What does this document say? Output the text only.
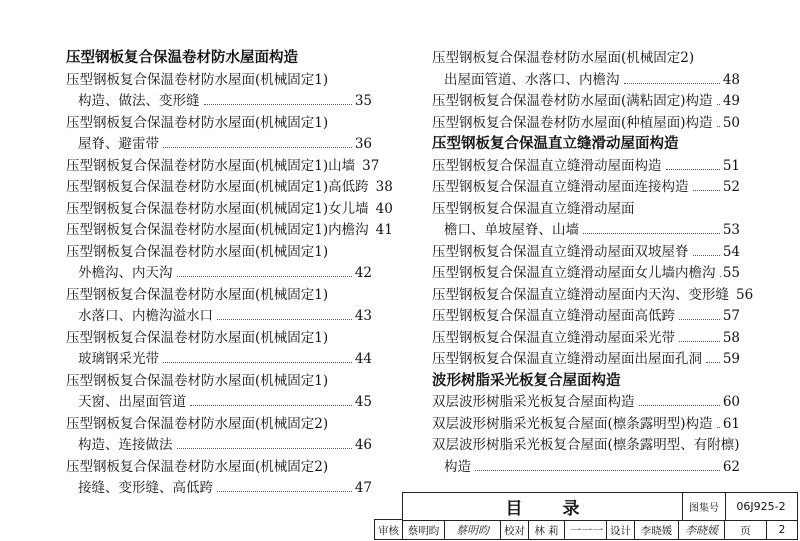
压型钢板复合保温卷材防水屋面构造
压型钢板复合保温卷材防水屋面(机械固定1)
构造、做法、变形缝	35
压型钢板复合保温卷材防水屋面(机械固定1)
屋脊、避雷带	36
压型钢板复合保温卷材防水屋面(机械固定1)山墙 37
压型钢板复合保温卷材防水屋面(机械固定1)高低跨 38
压型钢板复合保温卷材防水屋面(机械固定1)女儿墙 40
压型钢板复合保温卷材防水屋面(机械固定1)内檐沟 41
压型钢板复合保温卷材防水屋面(机械固定1)
外檐沟、内天沟	42
压型钢板复合保温卷材防水屋面(机械固定1)
水落口、内檐沟溢水口	43
压型钢板复合保温卷材防水屋面(机械固定1)
玻璃钢采光带	44
压型钢板复合保温卷材防水屋面(机械固定1)
天窗、出屋面管道	45
压型钢板复合保温卷材防水屋面(机械固定2)
构造、连接做法	46
压型钢板复合保温卷材防水屋面(机械固定2)
接缝、变形缝、高低跨	47
压型钢板复合保温卷材防水屋面(机械固定2)
出屋面管道、水落口、内檐沟	48
压型钢板复合保温卷材防水屋面(满粘固定)构造 49
压型钢板复合保温卷材防水屋面(种植屋面)构造 50
压型钢板复合保温直立缝滑动屋面构造
压型钢板复合保温直立缝滑动屋面构造	51
压型钢板复合保温直立缝滑动屋面连接构造	52
压型钢板复合保温直立缝滑动屋面
檐口、单坡屋脊、山墙	53
压型钢板复合保温直立缝滑动屋面双坡屋脊	54
压型钢板复合保温直立缝滑动屋面女儿墙内檐沟 55
压型钢板复合保温直立缝滑动屋面内天沟、变形缝 56
压型钢板复合保温直立缝滑动屋面高低跨	57
压型钢板复合保温直立缝滑动屋面采光带	58
压型钢板复合保温直立缝滑动屋面出屋面孔洞 59
波形树脂采光板复合屋面构造
双层波形树脂采光板复合屋面构造	60
双层波形树脂采光板复合屋面(檩条露明型)构造 61
双层波形树脂采光板复合屋面(檩条露明型、有附檩)
构造	62
目录	图集号	06J925-2
审核 蔡明昀	蔡明昀	校对 林 莉 一一一 设计 李晓媛	李晓媛	页	2
